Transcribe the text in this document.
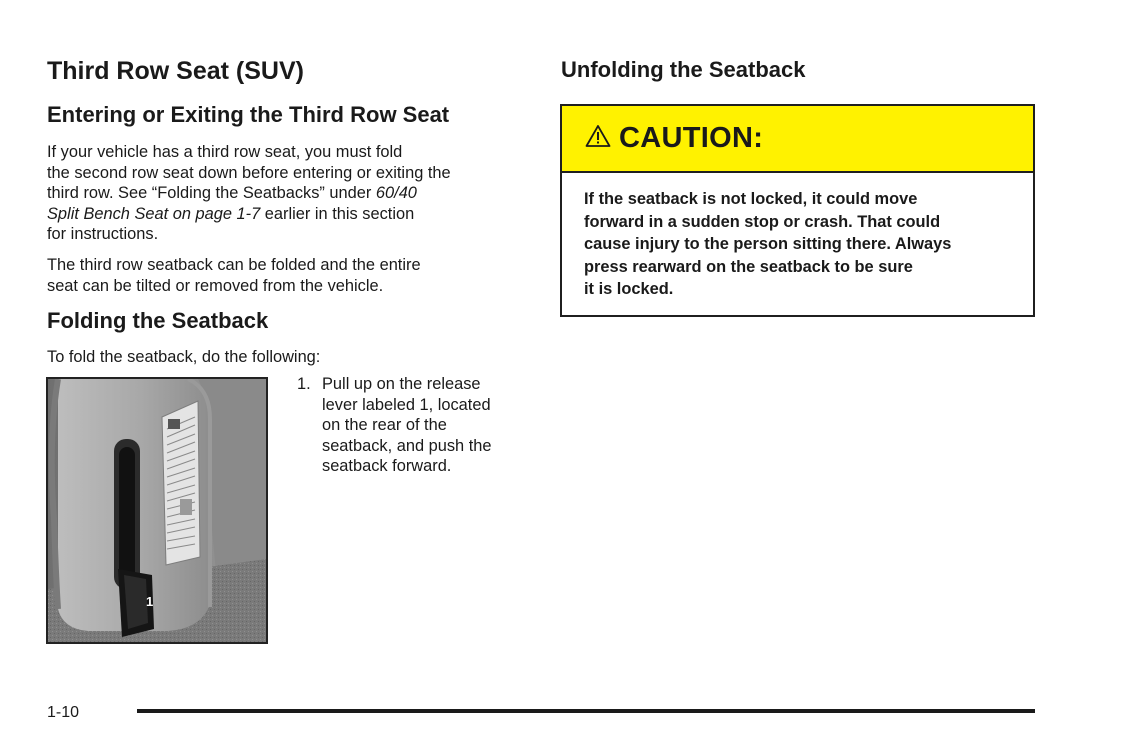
Third Row Seat (SUV)
Entering or Exiting the Third Row Seat

If your vehicle has a third row seat, you must fold
the second row seat down before entering or exiting the
third row. See “Folding the Seatbacks” under 60/40
Split Bench Seat on page 1-7 earlier in this section
for instructions.

The third row seatback can be folded and the entire
seat can be tilted or removed from the vehicle.

Folding the Seatback

To fold the seatback, do the following:

1
1. Pull up on the release
lever labeled 1, located
on the rear of the
seatback, and push the
seatback forward.
Unfolding the Seatback
CAUTION:
If the seatback is not locked, it could move
forward in a sudden stop or crash. That could
cause injury to the person sitting there. Always
press rearward on the seatback to be sure
it is locked.
1-10
